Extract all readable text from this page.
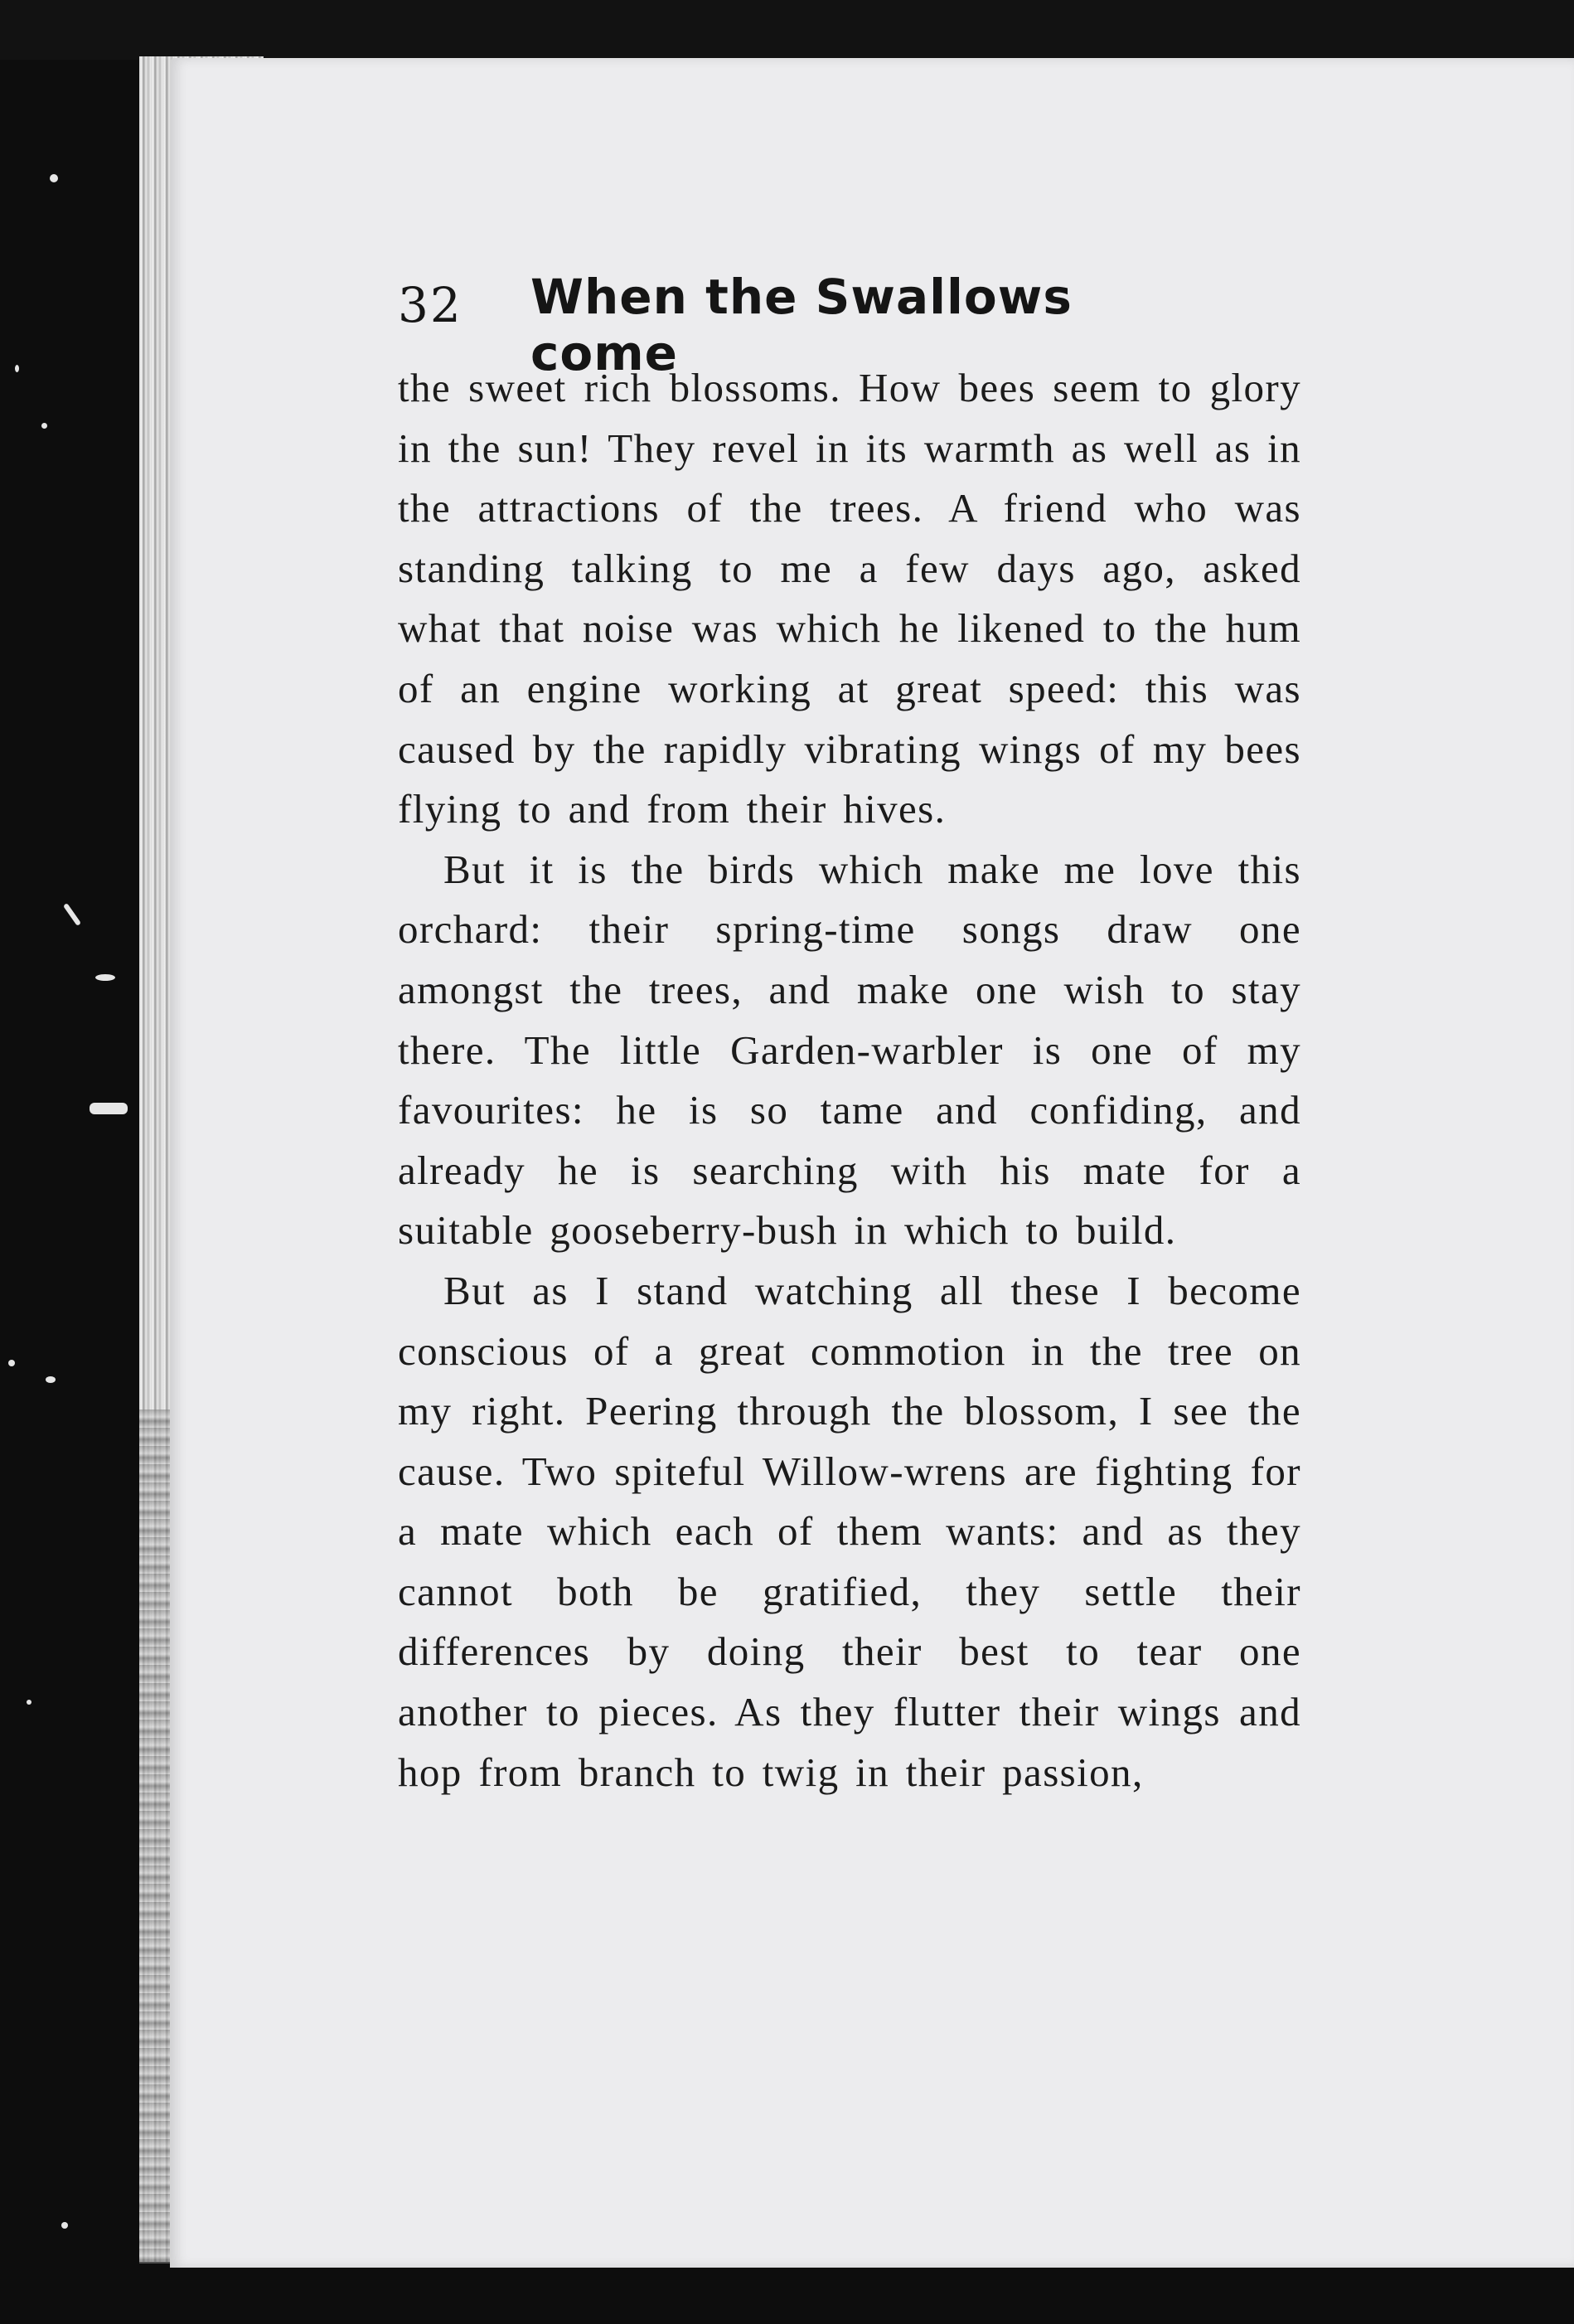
32 When the Swallows come

the sweet rich blossoms. How bees seem to glory in the sun! They revel in its warmth as well as in the attractions of the trees. A friend who was standing talking to me a few days ago, asked what that noise was which he likened to the hum of an engine working at great speed: this was caused by the rapidly vibrating wings of my bees flying to and from their hives.

But it is the birds which make me love this orchard: their spring-time songs draw one amongst the trees, and make one wish to stay there. The little Garden-warbler is one of my favourites: he is so tame and confiding, and already he is searching with his mate for a suitable gooseberry-bush in which to build.

But as I stand watching all these I become conscious of a great commotion in the tree on my right. Peering through the blossom, I see the cause. Two spiteful Willow-wrens are fighting for a mate which each of them wants: and as they cannot both be gratified, they settle their differences by doing their best to tear one another to pieces. As they flutter their wings and hop from branch to twig in their passion,
